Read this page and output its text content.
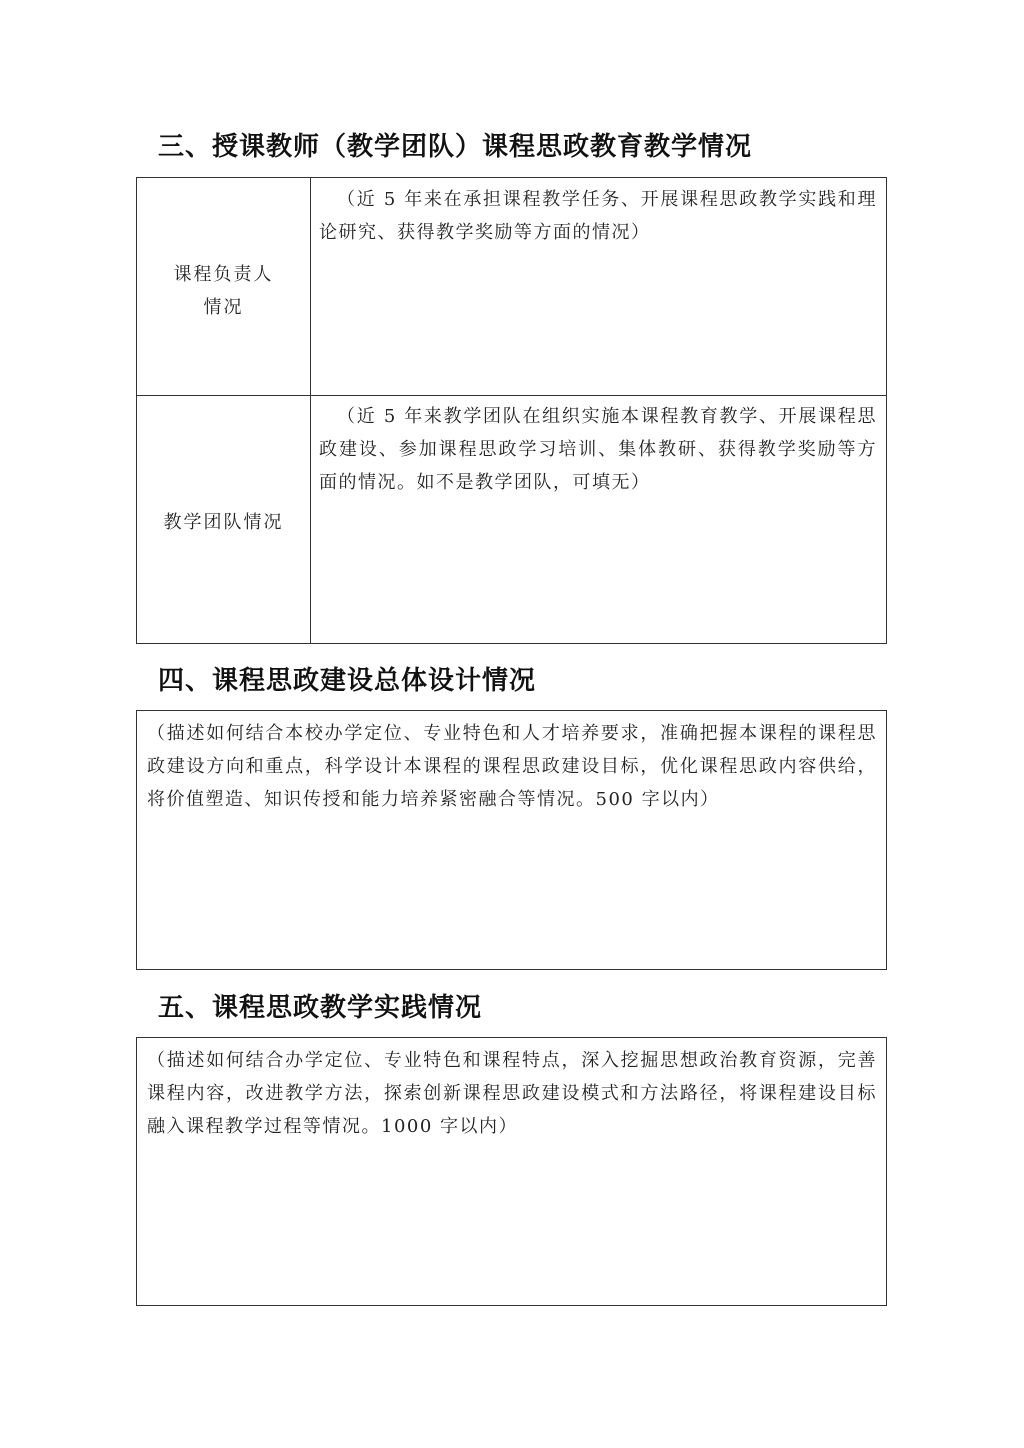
三、授课教师（教学团队）课程思政教育教学情况
课程负责人
情况
（近 5 年来在承担课程教学任务、开展课程思政教学实践和理论研究、获得教学奖励等方面的情况）
教学团队情况
（近 5 年来教学团队在组织实施本课程教育教学、开展课程思政建设、参加课程思政学习培训、集体教研、获得教学奖励等方面的情况。如不是教学团队，可填无）
四、课程思政建设总体设计情况
（描述如何结合本校办学定位、专业特色和人才培养要求，准确把握本课程的课程思政建设方向和重点，科学设计本课程的课程思政建设目标，优化课程思政内容供给，将价值塑造、知识传授和能力培养紧密融合等情况。500 字以内）
五、课程思政教学实践情况
（描述如何结合办学定位、专业特色和课程特点，深入挖掘思想政治教育资源，完善课程内容，改进教学方法，探索创新课程思政建设模式和方法路径，将课程建设目标融入课程教学过程等情况。1000 字以内）
